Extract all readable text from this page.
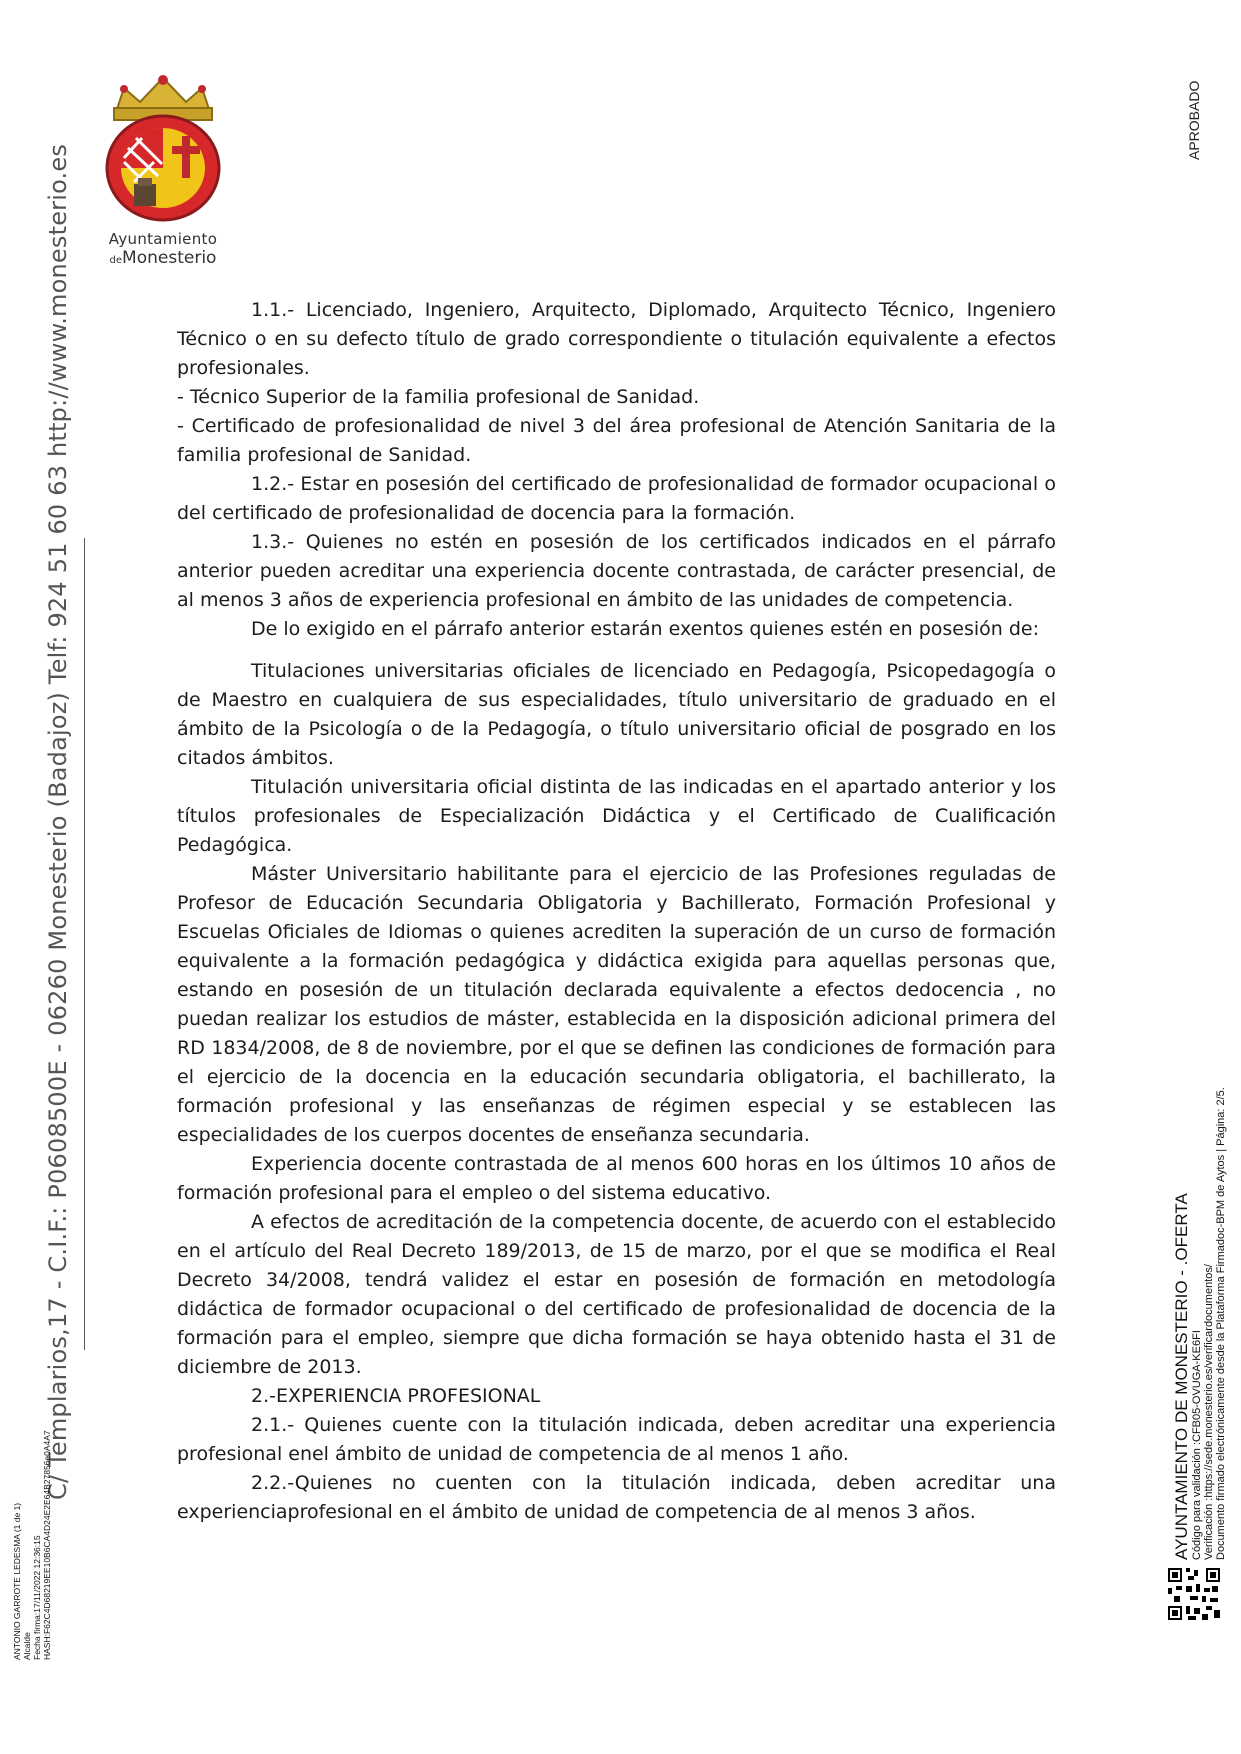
Ayuntamiento
deMonesterio
APROBADO
C/ Templarios,17 - C.I.F.: P0608500E - 06260 Monesterio (Badajoz) Telf: 924 51 60 63 http://www.monesterio.es
ANTONIO GARROTE LEDESMA (1 de 1) Alcalde Fecha firma:17/11/2022 12:36:15 HASH:F62C4D68219EE10B6CA4D24E2E64B27856e0A4A7	AYUNTAMIENTO DE MONESTERIO - .OFERTA Código para validación :CFB05-OVUGA-KE6FI Verificación :https://sede.monesterio.es/verificardocumentos/ Documento firmado electrónicamente desde la Plataforma Firmadoc-BPM de Aytos | Página: 2/5.

1.1.- Licenciado, Ingeniero, Arquitecto, Diplomado, Arquitecto Técnico, Ingeniero Técnico o en su defecto título de grado correspondiente o titulación equivalente a efectos profesionales.

- Técnico Superior de la familia profesional de Sanidad.

- Certificado de profesionalidad de nivel 3 del área profesional de Atención Sanitaria de la familia profesional de Sanidad.

1.2.- Estar en posesión del certificado de profesionalidad de formador ocupacional o del certificado de profesionalidad de docencia para la formación.

1.3.- Quienes no estén en posesión de los certificados indicados en el párrafo anterior pueden acreditar una experiencia docente contrastada, de carácter presencial, de al menos 3 años de experiencia profesional en ámbito de las unidades de competencia.

De lo exigido en el párrafo anterior estarán exentos quienes estén en posesión de:

Titulaciones universitarias oficiales de licenciado en Pedagogía, Psicopedagogía o de Maestro en cualquiera de sus especialidades, título universitario de graduado en el ámbito de la Psicología o de la Pedagogía, o título universitario oficial de posgrado en los citados ámbitos.

Titulación universitaria oficial distinta de las indicadas en el apartado anterior y los títulos profesionales de Especialización Didáctica y el Certificado de Cualificación Pedagógica.

Máster Universitario habilitante para el ejercicio de las Profesiones reguladas de Profesor de Educación Secundaria Obligatoria y Bachillerato, Formación Profesional y Escuelas Oficiales de Idiomas o quienes acrediten la superación de un curso de formación equivalente a la formación pedagógica y didáctica exigida para aquellas personas que, estando en posesión de un titulación declarada equivalente a efectos dedocencia , no puedan realizar los estudios de máster, establecida en la disposición adicional primera del RD 1834/2008, de 8 de noviembre, por el que se definen las condiciones de formación para el ejercicio de la docencia en la educación secundaria obligatoria, el bachillerato, la formación profesional y las enseñanzas de régimen especial y se establecen las especialidades de los cuerpos docentes de enseñanza secundaria.

Experiencia docente contrastada de al menos 600 horas en los últimos 10 años de formación profesional para el empleo o del sistema educativo.

A efectos de acreditación de la competencia docente, de acuerdo con el establecido en el artículo del Real Decreto 189/2013, de 15 de marzo, por el que se modifica el Real Decreto 34/2008, tendrá validez el estar en posesión de formación en metodología didáctica de formador ocupacional o del certificado de profesionalidad de docencia de la formación para el empleo, siempre que dicha formación se haya obtenido hasta el 31 de diciembre de 2013.

2.-EXPERIENCIA PROFESIONAL

2.1.- Quienes cuente con la titulación indicada, deben acreditar una experiencia profesional enel ámbito de unidad de competencia de al menos 1 año.

2.2.-Quienes no cuenten con la titulación indicada, deben acreditar una experienciaprofesional en el ámbito de unidad de competencia de al menos 3 años.
